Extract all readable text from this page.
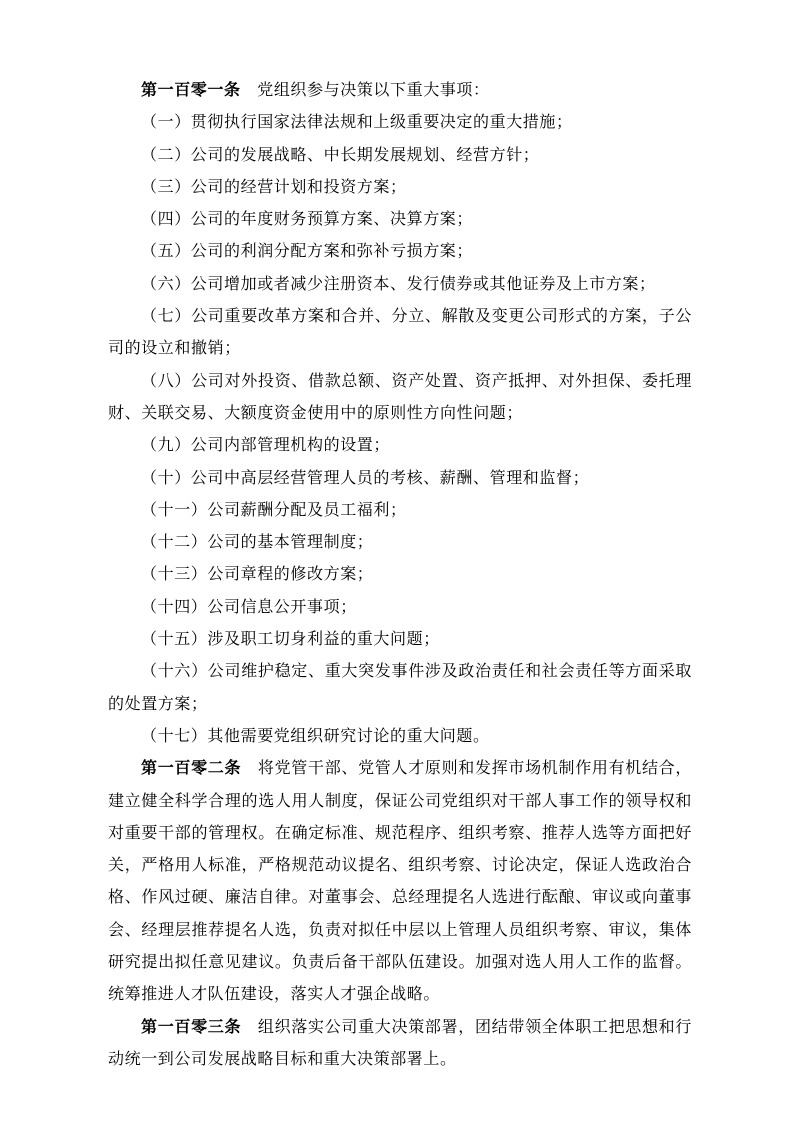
第一百零一条　 党组织参与决策以下重大事项：

（一）贯彻执行国家法律法规和上级重要决定的重大措施；

（二）公司的发展战略、中长期发展规划、经营方针；

（三）公司的经营计划和投资方案；

（四）公司的年度财务预算方案、决算方案；

（五）公司的利润分配方案和弥补亏损方案；

（六）公司增加或者减少注册资本、发行债券或其他证券及上市方案；

（七）公司重要改革方案和合并、分立、解散及变更公司形式的方案，子公司的设立和撤销；

（八）公司对外投资、借款总额、资产处置、资产抵押、对外担保、委托理财、关联交易、大额度资金使用中的原则性方向性问题；

（九）公司内部管理机构的设置；

（十）公司中高层经营管理人员的考核、薪酬、管理和监督；

（十一）公司薪酬分配及员工福利；

（十二）公司的基本管理制度；

（十三）公司章程的修改方案；

（十四）公司信息公开事项；

（十五）涉及职工切身利益的重大问题；

（十六）公司维护稳定、重大突发事件涉及政治责任和社会责任等方面采取的处置方案；

（十七）其他需要党组织研究讨论的重大问题。

第一百零二条　 将党管干部、党管人才原则和发挥市场机制作用有机结合，建立健全科学合理的选人用人制度，保证公司党组织对干部人事工作的领导权和对重要干部的管理权。在确定标准、规范程序、组织考察、推荐人选等方面把好关，严格用人标准，严格规范动议提名、组织考察、讨论决定，保证人选政治合格、作风过硬、廉洁自律。对董事会、总经理提名人选进行酝酿、审议或向董事会、经理层推荐提名人选，负责对拟任中层以上管理人员组织考察、审议，集体研究提出拟任意见建议。负责后备干部队伍建设。加强对选人用人工作的监督。统筹推进人才队伍建设，落实人才强企战略。

第一百零三条　 组织落实公司重大决策部署，团结带领全体职工把思想和行动统一到公司发展战略目标和重大决策部署上。
